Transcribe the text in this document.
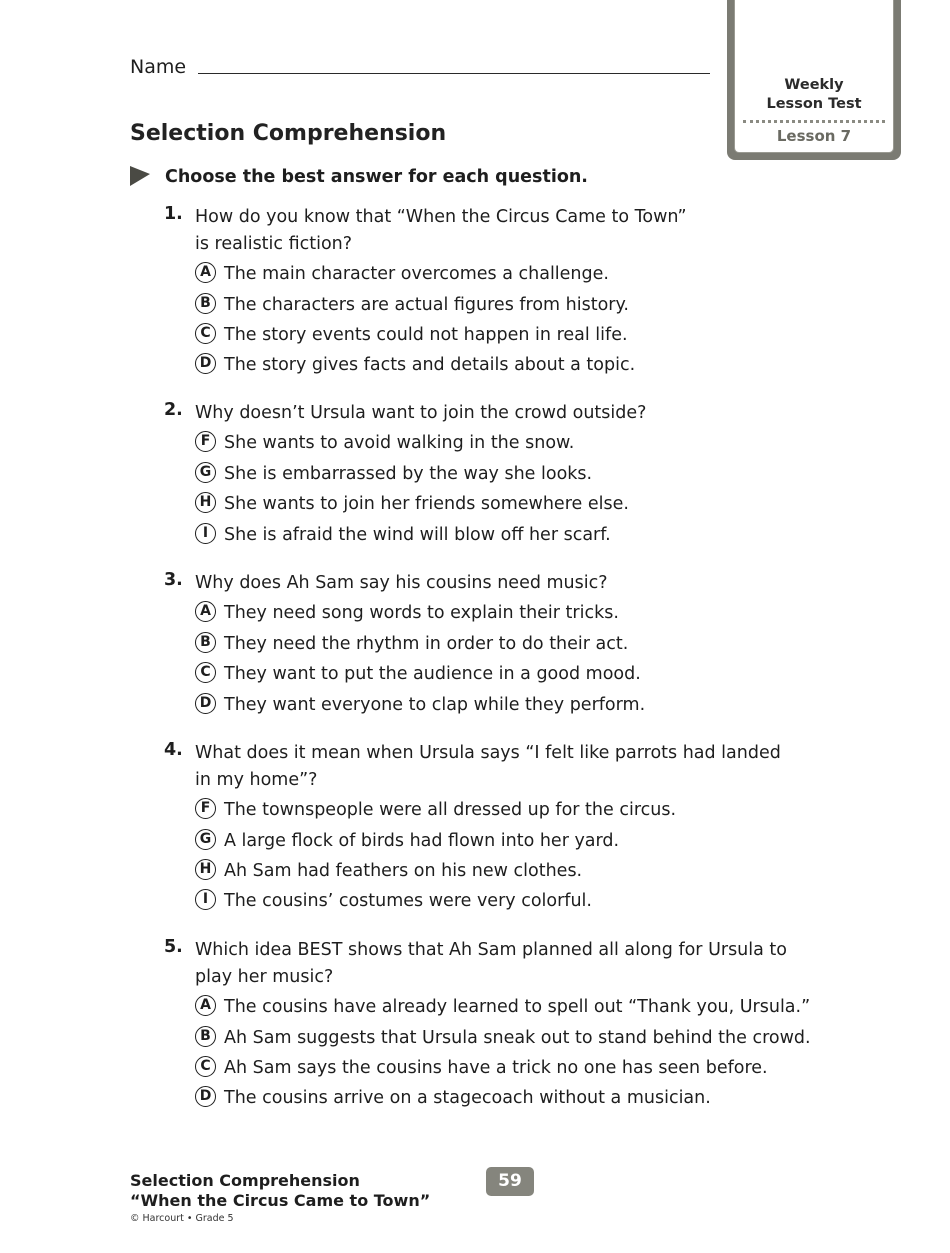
Name
Weekly
Lesson Test
Lesson 7
Selection Comprehension
Choose the best answer for each question.
1. How do you know that “When the Circus Came to Town”
is realistic fiction?
A The main character overcomes a challenge.
B The characters are actual figures from history.
C The story events could not happen in real life.
D The story gives facts and details about a topic.
2. Why doesn’t Ursula want to join the crowd outside?
F She wants to avoid walking in the snow.
G She is embarrassed by the way she looks.
H She wants to join her friends somewhere else.
I She is afraid the wind will blow off her scarf.
3. Why does Ah Sam say his cousins need music?
A They need song words to explain their tricks.
B They need the rhythm in order to do their act.
C They want to put the audience in a good mood.
D They want everyone to clap while they perform.
4. What does it mean when Ursula says “I felt like parrots had landed
in my home”?
F The townspeople were all dressed up for the circus.
G A large flock of birds had flown into her yard.
H Ah Sam had feathers on his new clothes.
I The cousins’ costumes were very colorful.
5. Which idea BEST shows that Ah Sam planned all along for Ursula to
play her music?
A The cousins have already learned to spell out “Thank you, Ursula.”
B Ah Sam suggests that Ursula sneak out to stand behind the crowd.
C Ah Sam says the cousins have a trick no one has seen before.
D The cousins arrive on a stagecoach without a musician.
Selection Comprehension
“When the Circus Came to Town”
© Harcourt • Grade 5
59
